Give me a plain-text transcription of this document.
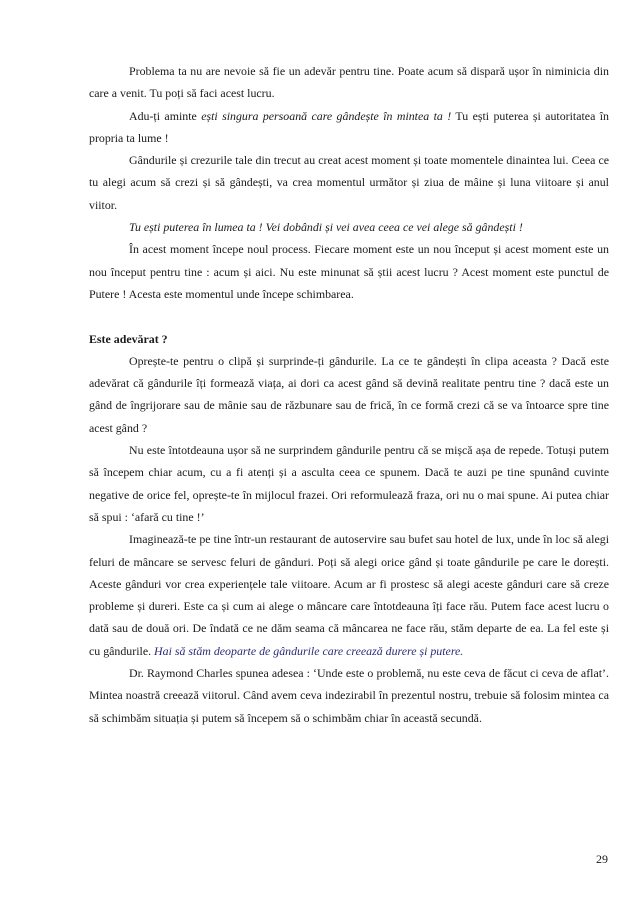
Problema ta nu are nevoie să fie un adevăr pentru tine. Poate acum să dispară ușor în niminicia din care a venit. Tu poți să faci acest lucru.

Adu-ți aminte ești singura persoană care gândește în mintea ta ! Tu ești puterea și autoritatea în propria ta lume !

Gândurile și crezurile tale din trecut au creat acest moment și toate momentele dinaintea lui. Ceea ce tu alegi acum să crezi și să gândești, va crea momentul următor și ziua de mâine și luna viitoare și anul viitor.

Tu ești puterea în lumea ta ! Vei dobândi și vei avea ceea ce vei alege să gândești !

În acest moment începe noul process. Fiecare moment este un nou început și acest moment este un nou început pentru tine : acum și aici. Nu este minunat să știi acest lucru ? Acest moment este punctul de Putere ! Acesta este momentul unde începe schimbarea.

Este adevărat ?

Oprește-te pentru o clipă și surprinde-ți gândurile. La ce te gândești în clipa aceasta ? Dacă este adevărat că gândurile îți formează viața, ai dori ca acest gând să devină realitate pentru tine ? dacă este un gând de îngrijorare sau de mânie sau de răzbunare sau de frică, în ce formă crezi că se va întoarce spre tine acest gând ?

Nu este întotdeauna ușor să ne surprindem gândurile pentru că se mișcă așa de repede. Totuși putem să începem chiar acum, cu a fi atenți și a asculta ceea ce spunem. Dacă te auzi pe tine spunând cuvinte negative de orice fel, oprește-te în mijlocul frazei. Ori reformulează fraza, ori nu o mai spune. Ai putea chiar să spui : ‘afară cu tine !’

Imaginează-te pe tine într-un restaurant de autoservire sau bufet sau hotel de lux, unde în loc să alegi feluri de mâncare se servesc feluri de gânduri. Poți să alegi orice gând și toate gândurile pe care le dorești. Aceste gânduri vor crea experiențele tale viitoare. Acum ar fi prostesc să alegi aceste gânduri care să creze probleme și dureri. Este ca și cum ai alege o mâncare care întotdeauna îți face rău. Putem face acest lucru o dată sau de două ori. De îndată ce ne dăm seama că mâncarea ne face rău, stăm departe de ea. La fel este și cu gândurile. Hai să stăm deoparte de gândurile care creează durere și putere.

Dr. Raymond Charles spunea adesea : ‘Unde este o problemă, nu este ceva de făcut ci ceva de aflat’. Mintea noastră creează viitorul. Când avem ceva indezirabil în prezentul nostru, trebuie să folosim mintea ca să schimbăm situația și putem să începem să o schimbăm chiar în această secundă.

29
